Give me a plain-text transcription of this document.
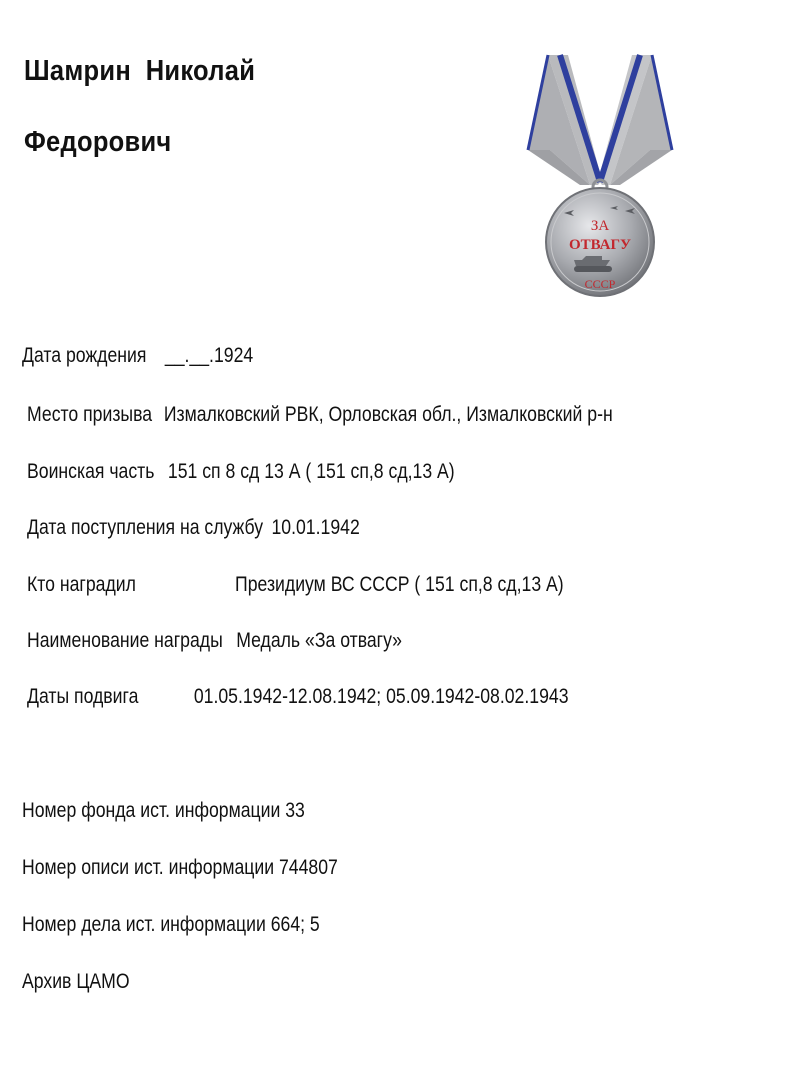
Шамрин  Николай
Федорович
ЗА
ОТВАГУ
СССР

Дата рождения __.__.1924

Место призыва Измалковский РВК, Орловская обл., Измалковский р-н

Воинская часть 151 сп 8 сд 13 А ( 151 сп,8 сд,13 А)

Дата поступления на службу 10.01.1942

Кто наградил	Президиум ВС СССР ( 151 сп,8 сд,13 А)

Наименование награды Медаль «За отвагу»

Даты подвига	01.05.1942-12.08.1942; 05.09.1942-08.02.1943

Номер фонда ист. информации 33

Номер описи ист. информации 744807

Номер дела ист. информации 664; 5

Архив ЦАМО
